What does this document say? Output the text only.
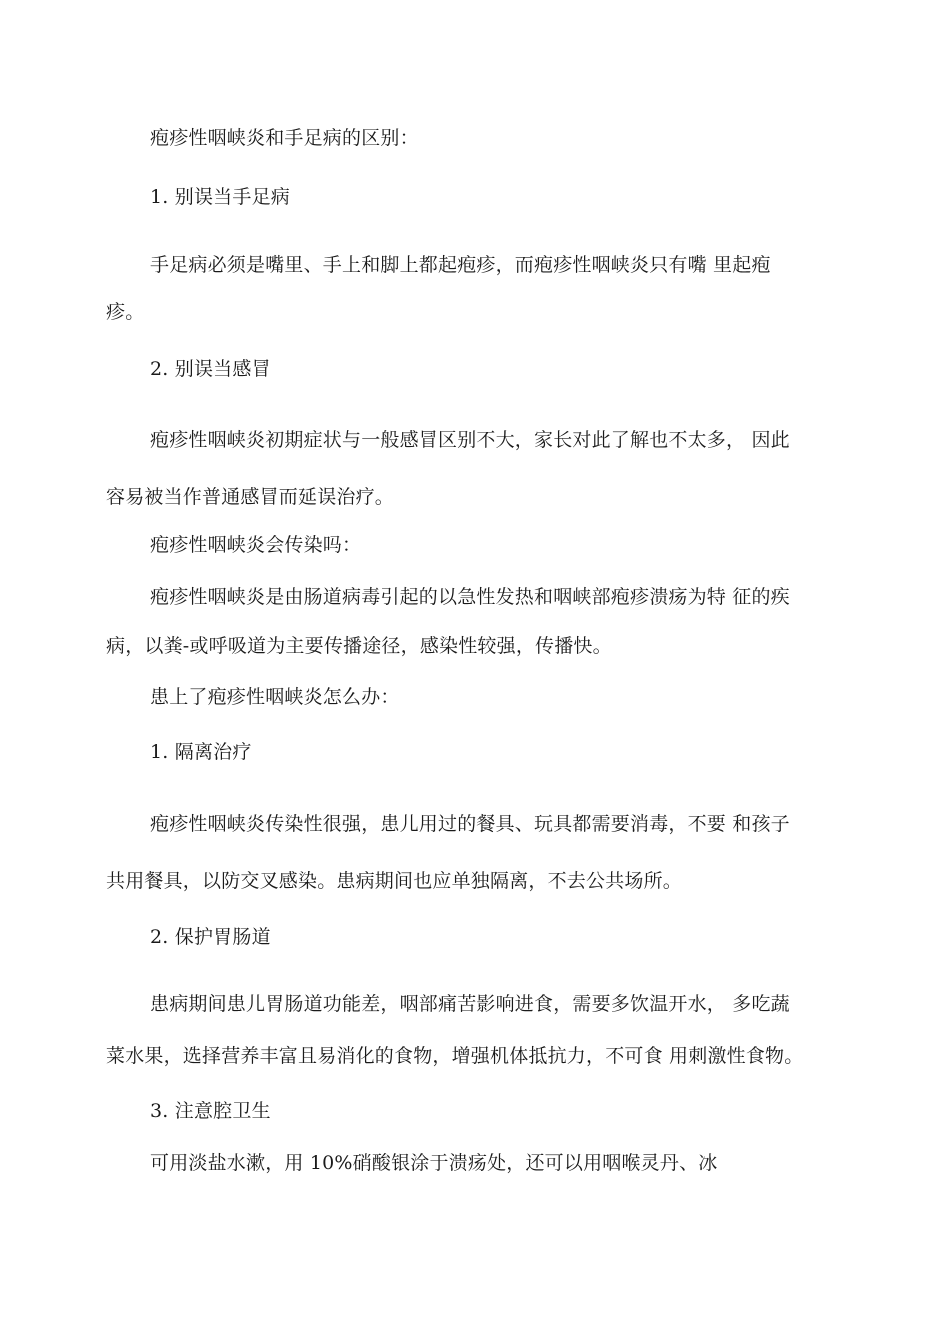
疱疹性咽峡炎和手足病的区别：

1. 别误当手足病

手足病必须是嘴里、手上和脚上都起疱疹，而疱疹性咽峡炎只有嘴 里起疱

疹。

2. 别误当感冒

疱疹性咽峡炎初期症状与一般感冒区别不大，家长对此了解也不太多， 因此

容易被当作普通感冒而延误治疗。

疱疹性咽峡炎会传染吗：

疱疹性咽峡炎是由肠道病毒引起的以急性发热和咽峡部疱疹溃疡为特 征的疾

病，以粪-或呼吸道为主要传播途径，感染性较强，传播快。

患上了疱疹性咽峡炎怎么办：

1. 隔离治疗

疱疹性咽峡炎传染性很强，患儿用过的餐具、玩具都需要消毒，不要 和孩子

共用餐具，以防交叉感染。患病期间也应单独隔离，不去公共场所。

2. 保护胃肠道

患病期间患儿胃肠道功能差，咽部痛苦影响进食，需要多饮温开水， 多吃蔬

菜水果，选择营养丰富且易消化的食物，增强机体抵抗力，不可食 用刺激性食物。

3. 注意腔卫生

可用淡盐水漱，用 10%硝酸银涂于溃疡处，还可以用咽喉灵丹、冰
